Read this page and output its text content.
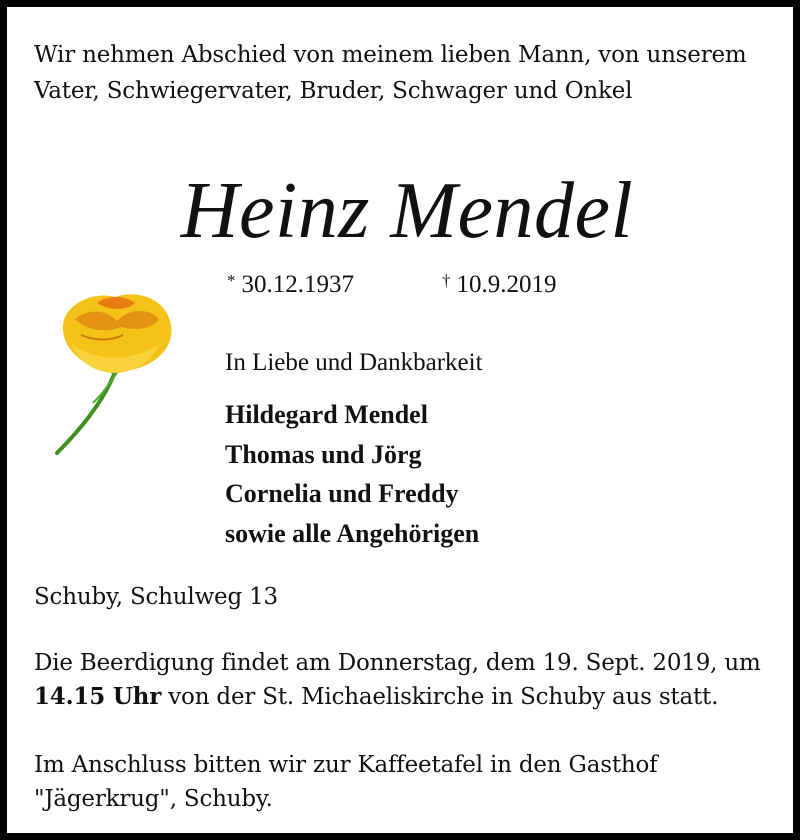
Wir nehmen Abschied von meinem lieben Mann, von unserem Vater, Schwiegervater, Bruder, Schwager und Onkel
Heinz Mendel
* 30.12.1937	† 10.9.2019
In Liebe und Dankbarkeit
Hildegard Mendel
Thomas und Jörg
Cornelia und Freddy
sowie alle Angehörigen
Schuby, Schulweg 13
Die Beerdigung findet am Donnerstag, dem 19. Sept. 2019, um 14.15 Uhr von der St. Michaeliskirche in Schuby aus statt.
Im Anschluss bitten wir zur Kaffeetafel in den Gasthof "Jägerkrug", Schuby.
